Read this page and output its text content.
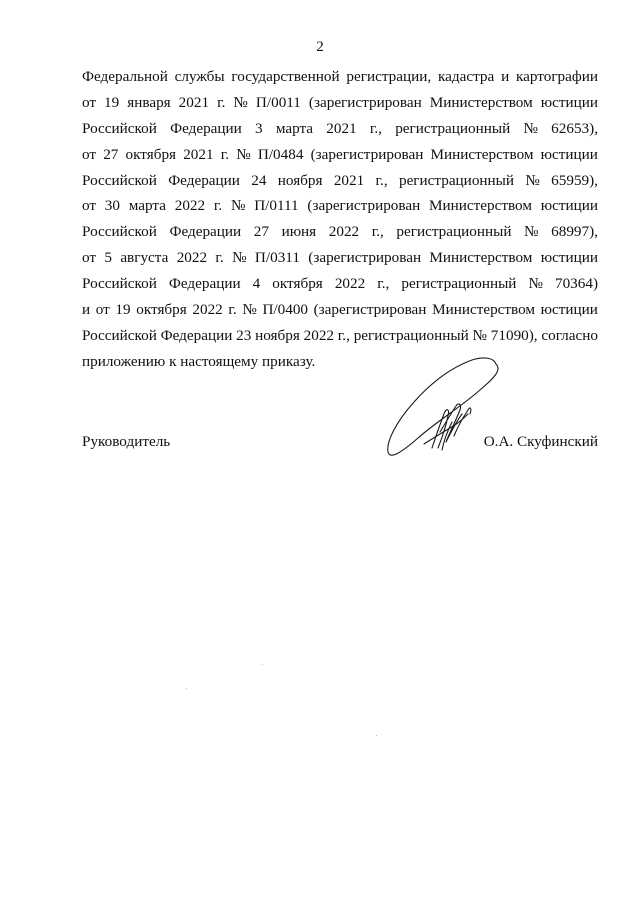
2
Федеральной службы государственной регистрации, кадастра и картографии
от 19 января 2021 г. № П/0011 (зарегистрирован Министерством юстиции
Российской Федерации 3 марта 2021 г., регистрационный № 62653),
от 27 октября 2021 г. № П/0484 (зарегистрирован Министерством юстиции
Российской Федерации 24 ноября 2021 г., регистрационный № 65959),
от 30 марта 2022 г. № П/0111 (зарегистрирован Министерством юстиции
Российской Федерации 27 июня 2022 г., регистрационный № 68997),
от 5 августа 2022 г. № П/0311 (зарегистрирован Министерством юстиции
Российской Федерации 4 октября 2022 г., регистрационный № 70364)
и от 19 октября 2022 г. № П/0400 (зарегистрирован Министерством юстиции
Российской Федерации 23 ноября 2022 г., регистрационный № 71090), согласно
приложению к настоящему приказу.
Руководитель	О.А. Скуфинский
